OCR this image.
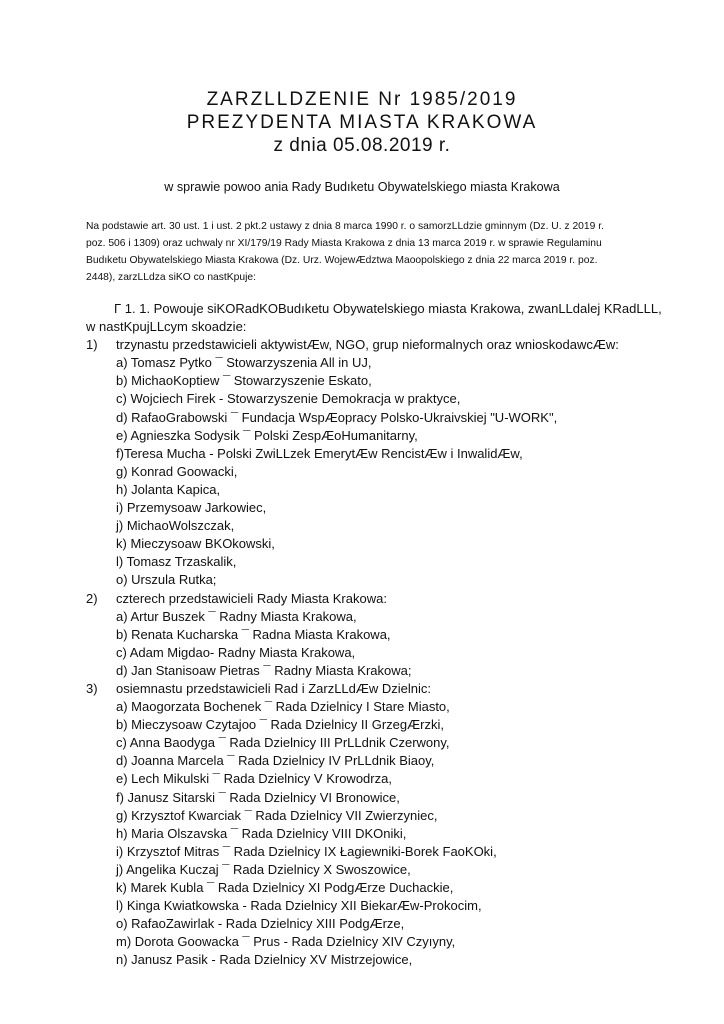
ZARZLLDZENIE Nr 1985/2019
PREZYDENTA MIASTA KRAKOWA
z dnia 05.08.2019 r.
w sprawie powoo ania Rady Budıketu Obywatelskiego miasta Krakowa
Na podstawie art. 30 ust. 1 i ust. 2 pkt.2 ustawy z dnia 8 marca 1990 r. o samorzLLdzie gminnym (Dz. U. z 2019 r.
poz. 506 i 1309) oraz uchwaly nr XI/179/19 Rady Miasta Krakowa z dnia 13 marca 2019 r. w sprawie Regulaminu
Budıketu Obywatelskiego Miasta Krakowa (Dz. Urz. WojewÆdztwa Maoopolskiego z dnia 22 marca 2019 r. poz.
2448), zarzLLdza siKO co nastKpuje:
Γ 1. 1. Powouje siKORadKOBudıketu Obywatelskiego miasta Krakowa, zwanLLdalej KRadLLL,
w nastKpujLLcym skoadzie:
1) trzynastu przedstawicieli aktywistÆw, NGO, grup nieformalnych oraz wnioskodawcÆw:
a) Tomasz Pytko ¯ Stowarzyszenia All in UJ,
b) MichaoKoptiew ¯ Stowarzyszenie Eskato,
c) Wojciech Firek - Stowarzyszenie Demokracja w praktyce,
d) RafaoGrabowski ¯ Fundacja WspÆopracy Polsko-Ukraivskiej "U-WORK",
e) Agnieszka Sodysik ¯ Polski ZespÆoHumanitarny,
f)Teresa Mucha - Polski ZwiLLzek EmerytÆw RencistÆw i InwalidÆw,
g) Konrad Goowacki,
h) Jolanta Kapica,
i) Przemysoaw Jarkowiec,
j) MichaoWolszczak,
k) Mieczysoaw BKOkowski,
l) Tomasz Trzaskalik,
o) Urszula Rutka;
2) czterech przedstawicieli Rady Miasta Krakowa:
a) Artur Buszek ¯ Radny Miasta Krakowa,
b) Renata Kucharska ¯ Radna Miasta Krakowa,
c) Adam Migdao- Radny Miasta Krakowa,
d) Jan Stanisoaw Pietras ¯ Radny Miasta Krakowa;
3) osiemnastu przedstawicieli Rad i ZarzLLdÆw Dzielnic:
a) Maogorzata Bochenek ¯ Rada Dzielnicy I Stare Miasto,
b) Mieczysoaw Czytajoo ¯ Rada Dzielnicy II GrzegÆrzki,
c) Anna Baodyga ¯ Rada Dzielnicy III PrLLdnik Czerwony,
d) Joanna Marcela ¯ Rada Dzielnicy IV PrLLdnik Biaoy,
e) Lech Mikulski ¯ Rada Dzielnicy V Krowodrza,
f) Janusz Sitarski ¯ Rada Dzielnicy VI Bronowice,
g) Krzysztof Kwarciak ¯ Rada Dzielnicy VII Zwierzyniec,
h) Maria Olszavska ¯ Rada Dzielnicy VIII DKOniki,
i) Krzysztof Mitras ¯ Rada Dzielnicy IX Łagiewniki-Borek FaoKOki,
j) Angelika Kuczaj ¯ Rada Dzielnicy X Swoszowice,
k) Marek Kubla ¯ Rada Dzielnicy XI PodgÆrze Duchackie,
l) Kinga Kwiatkowska - Rada Dzielnicy XII BiekarÆw-Prokocim,
o) RafaoZawirlak - Rada Dzielnicy XIII PodgÆrze,
m) Dorota Goowacka ¯ Prus - Rada Dzielnicy XIV Czyıyny,
n) Janusz Pasik - Rada Dzielnicy XV Mistrzejowice,
